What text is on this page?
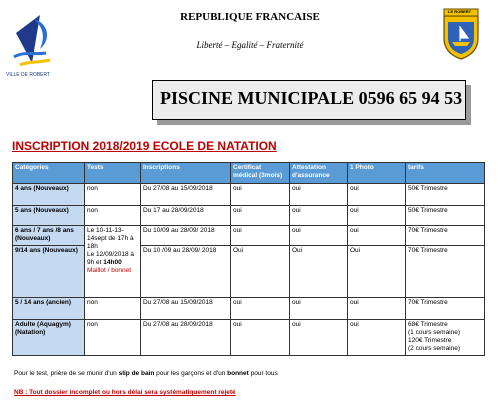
VILLE DE ROBERT
LE ROBERT
REPUBLIQUE FRANCAISE
Liberté – Egalité – Fraternité
PISCINE MUNICIPALE 0596 65 94 53
INSCRIPTION 2018/2019 ECOLE DE NATATION
Catégories	Tests	Inscriptions	Certificat médical (3mois)	Attestation d'assurance	1 Photo	tarifs
4 ans (Nouveaux)	non	Du 27/08 au 15/09/2018	oui	oui	oui	50€ Trimestre
5 ans (Nouveaux)	non	Du 17 au 28/09/2018	oui	oui	oui	50€ Trimestre
6 ans / 7 ans /8 ans (Nouveaux)	Le 10-11-13-14sept de 17h à 18h
Le 12/09/2018 à 9h et 14h00
Maillot / bonnet	Du 10/09 au 28/09/ 2018	oui	oui	oui	70€ Trimestre
9/14 ans (Nouveaux)		Du 10 /09 au 28/09/ 2018	Oui	Oui	Oui	70€ Trimestre
5 / 14 ans (ancien)	non	Du 27/08 au 15/09/2018	oui	oui	oui	70€ Trimestre
Adulte (Aquagym) (Natation)	non	Du 27/08 au 28/09/2018	oui	oui	oui	68€ Trimestre
(1 cours semaine)
120€ Trimestre
(2 cours semaine)
Pour le test, prière de se munir d'un slip de bain pour les garçons et d'un bonnet pour tous
NB : Tout dossier incomplet ou hors délai sera systématiquement rejeté
